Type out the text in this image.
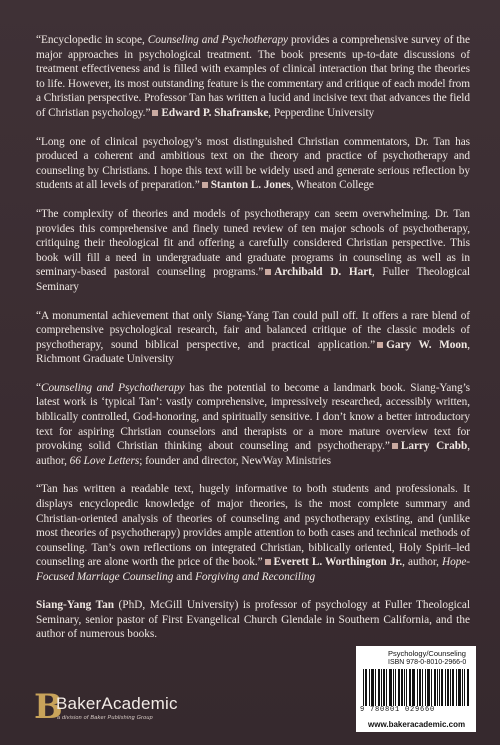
“Encyclopedic in scope, Counseling and Psychotherapy provides a comprehensive survey of the major approaches in psychological treatment. The book presents up-to-date discussions of treatment effectiveness and is filled with examples of clinical interaction that bring the theories to life. However, its most outstanding feature is the commentary and critique of each model from a Christian perspective. Professor Tan has written a lucid and incisive text that advances the field of Christian psychology.” Edward P. Shafranske, Pepperdine University

“Long one of clinical psychology’s most distinguished Christian commentators, Dr. Tan has produced a coherent and ambitious text on the theory and practice of psychotherapy and counseling by Christians. I hope this text will be widely used and generate serious reflection by students at all levels of preparation.” Stanton L. Jones, Wheaton College

“The complexity of theories and models of psychotherapy can seem overwhelming. Dr. Tan provides this comprehensive and finely tuned review of ten major schools of psychotherapy, critiquing their theological fit and offering a carefully considered Christian perspective. This book will fill a need in undergraduate and graduate programs in counseling as well as in seminary-based pastoral counseling programs.” Archibald D. Hart, Fuller Theological Seminary

“A monumental achievement that only Siang-Yang Tan could pull off. It offers a rare blend of comprehensive psychological research, fair and balanced critique of the classic models of psychotherapy, sound biblical perspective, and practical application.” Gary W. Moon, Richmont Graduate University

“Counseling and Psychotherapy has the potential to become a landmark book. Siang-Yang’s latest work is ‘typical Tan’: vastly comprehensive, impressively researched, accessibly written, biblically controlled, God-honoring, and spiritually sensitive. I don’t know a better introductory text for aspiring Christian counselors and therapists or a more mature overview text for provoking solid Christian thinking about counseling and psychotherapy.” Larry Crabb, author, 66 Love Letters; founder and director, NewWay Ministries

“Tan has written a readable text, hugely informative to both students and professionals. It displays encyclopedic knowledge of major theories, is the most complete summary and Christian-oriented analysis of theories of counseling and psychotherapy existing, and (unlike most theories of psychotherapy) provides ample attention to both cases and technical methods of counseling. Tan’s own reflections on integrated Christian, biblically oriented, Holy Spirit–led counseling are alone worth the price of the book.” Everett L. Worthington Jr., author, Hope-Focused Marriage Counseling and Forgiving and Reconciling

Siang-Yang Tan (PhD, McGill University) is professor of psychology at Fuller Theological Seminary, senior pastor of First Evangelical Church Glendale in Southern California, and the author of numerous books.

B
BakerAcademic
a division of Baker Publishing Group
Psychology/Counseling
ISBN 978-0-8010-2966-0
9 780801 029660
www.bakeracademic.com
